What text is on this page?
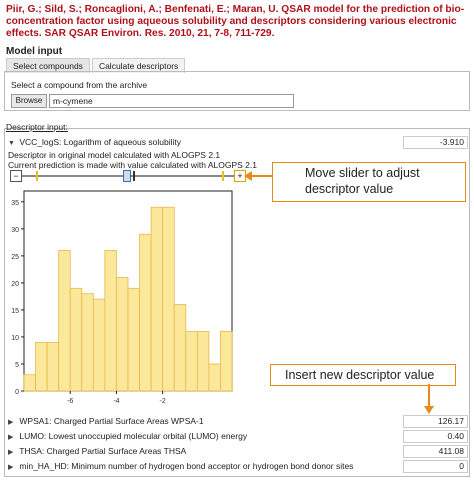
Piir, G.; Sild, S.; Roncaglioni, A.; Benfenati, E.; Maran, U. QSAR model for the prediction of bio-concentration factor using aqueous solubility and descriptors considering various electronic effects. SAR QSAR Environ. Res. 2010, 21, 7-8, 711-729.
Model input
Select compounds	Calculate descriptors
Select a compound from the archive
Browse	m-cymene
Descriptor input:
▼ VCC_logS: Logarithm of aqueous solubility	-3.910
Descriptor in original model calculated with ALOGPS 2.1
Current prediction is made with value calculated with ALOGPS 2.1
−	+
0
5
10
15
20
25
30
35
-6	-4	-2
Move slider to adjust descriptor value
Insert new descriptor value
▶ WPSA1: Charged Partial Surface Areas WPSA-1	126.17
▶ LUMO: Lowest unoccupied molecular orbital (LUMO) energy	0.40
▶ THSA: Charged Partial Surface Areas THSA	411.08
▶ min_HA_HD: Minimum number of hydrogen bond acceptor or hydrogen bond donor sites	0
